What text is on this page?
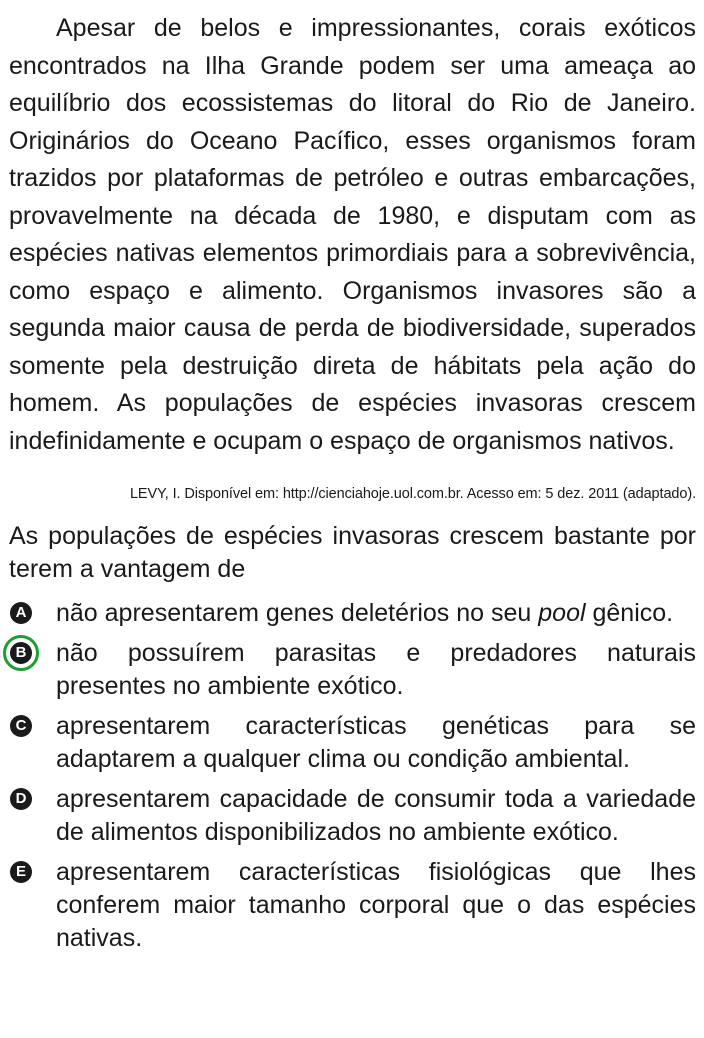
Apesar de belos e impressionantes, corais exóticos encontrados na Ilha Grande podem ser uma ameaça ao equilíbrio dos ecossistemas do litoral do Rio de Janeiro. Originários do Oceano Pacífico, esses organismos foram trazidos por plataformas de petróleo e outras embarcações, provavelmente na década de 1980, e disputam com as espécies nativas elementos primordiais para a sobrevivência, como espaço e alimento. Organismos invasores são a segunda maior causa de perda de biodiversidade, superados somente pela destruição direta de hábitats pela ação do homem. As populações de espécies invasoras crescem indefinidamente e ocupam o espaço de organismos nativos.

LEVY, I. Disponível em: http://cienciahoje.uol.com.br. Acesso em: 5 dez. 2011 (adaptado).

As populações de espécies invasoras crescem bastante por terem a vantagem de

A não apresentarem genes deletérios no seu pool gênico.
B não possuírem parasitas e predadores naturais presentes no ambiente exótico.
C apresentarem características genéticas para se adaptarem a qualquer clima ou condição ambiental.
D apresentarem capacidade de consumir toda a variedade de alimentos disponibilizados no ambiente exótico.
E apresentarem características fisiológicas que lhes conferem maior tamanho corporal que o das espécies nativas.
